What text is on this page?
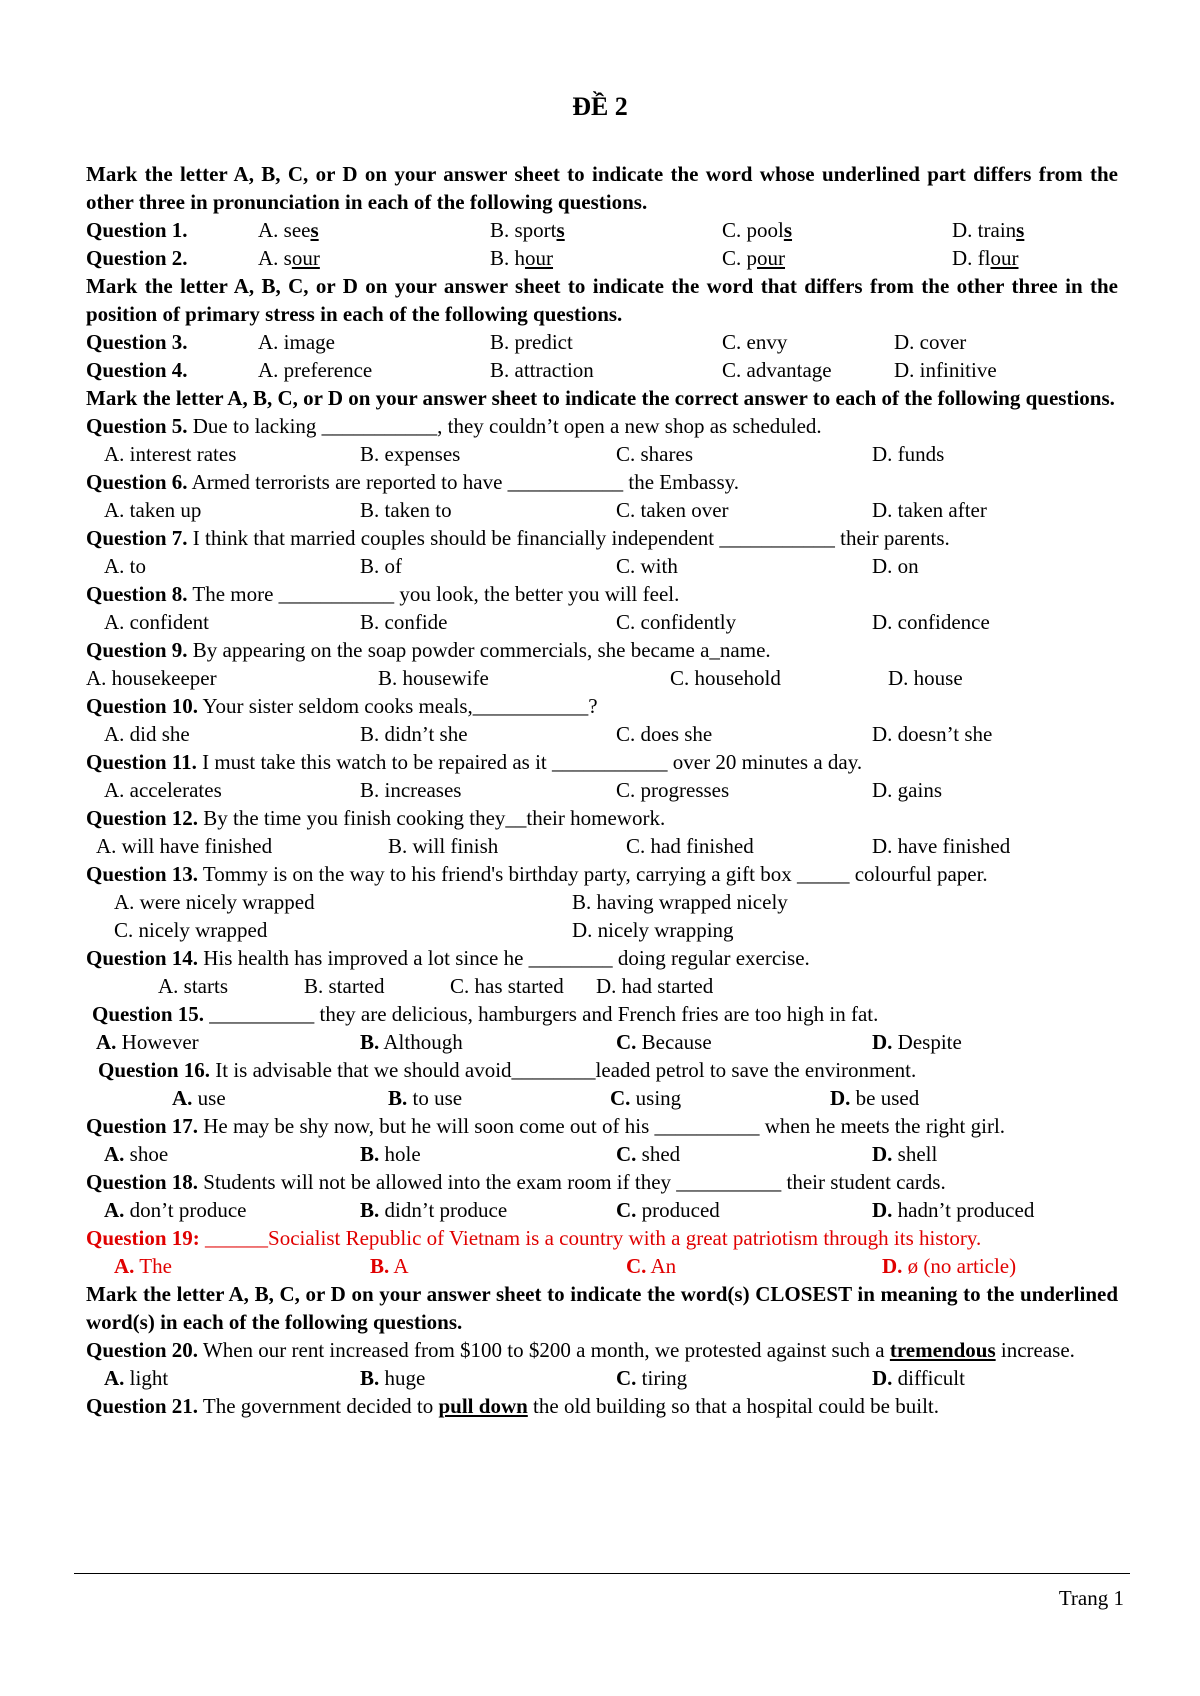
ĐỀ 2
Mark the letter A, B, C, or D on your answer sheet to indicate the word whose underlined part differs from the other three in pronunciation in each of the following questions.
Question 1.	A. sees	B. sports	C. pools	D. trains
Question 2.	A. sour	B. hour	C. pour	D. flour
Mark the letter A, B, C, or D on your answer sheet to indicate the word that differs from the other three in the position of primary stress in each of the following questions.
Question 3.	A. image	B. predict	C. envy	D. cover
Question 4.	A. preference	B. attraction	C. advantage	D. infinitive
Mark the letter A, B, C, or D on your answer sheet to indicate the correct answer to each of the following questions.
Question 5. Due to lacking ___________, they couldn’t open a new shop as scheduled.
A. interest rates	B. expenses	C. shares	D. funds
Question 6. Armed terrorists are reported to have ___________ the Embassy.
A. taken up	B. taken to	C. taken over	D. taken after
Question 7. I think that married couples should be financially independent ___________ their parents.
A. to	B. of	C. with	D. on
Question 8. The more ___________ you look, the better you will feel.
A. confident	B. confide	C. confidently	D. confidence
Question 9. By appearing on the soap powder commercials, she became a_name.
A. housekeeper	B. housewife	C. household	D. house
Question 10. Your sister seldom cooks meals,___________?
A. did she	B. didn’t she	C. does she	D. doesn’t she
Question 11. I must take this watch to be repaired as it ___________ over 20 minutes a day.
A. accelerates	B. increases	C. progresses	D. gains
Question 12. By the time you finish cooking they__their homework.
A. will have finished	B. will finish	C. had finished	D. have finished
Question 13. Tommy is on the way to his friend's birthday party, carrying a gift box _____ colourful paper.
A. were nicely wrapped	B. having wrapped nicely
C. nicely wrapped	D. nicely wrapping
Question 14. His health has improved a lot since he ________ doing regular exercise.
A. starts	B. started	C. has started D. had started
Question 15. __________ they are delicious, hamburgers and French fries are too high in fat.
A. However	B. Although	C. Because	D. Despite
Question 16. It is advisable that we should avoid________leaded petrol to save the environment.
A. use	B. to use	C. using	D. be used
Question 17. He may be shy now, but he will soon come out of his __________ when he meets the right girl.
A. shoe	B. hole	C. shed	D. shell
Question 18. Students will not be allowed into the exam room if they __________ their student cards.
A. don’t produce	B. didn’t produce	C. produced	D. hadn’t produced
Question 19: ______Socialist Republic of Vietnam is a country with a great patriotism through its history.
A. The	B. A	C. An	D. ø (no article)
Mark the letter A, B, C, or D on your answer sheet to indicate the word(s) CLOSEST in meaning to the underlined word(s) in each of the following questions.
Question 20. When our rent increased from $100 to $200 a month, we protested against such a tremendous increase.
A. light	B. huge	C. tiring	D. difficult
Question 21. The government decided to pull down the old building so that a hospital could be built.
Trang 1
